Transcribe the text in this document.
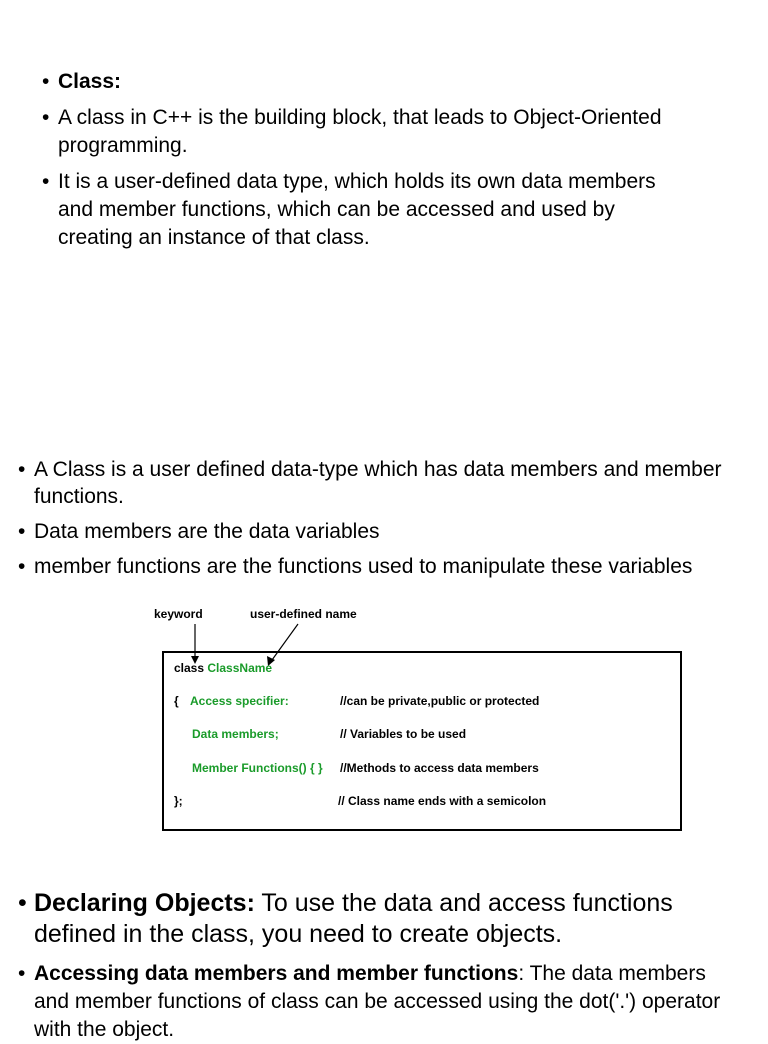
• Class:
• A class in C++ is the building block, that leads to Object-Oriented programming.
• It is a user-defined data type, which holds its own data members and member functions, which can be accessed and used by creating an instance of that class.
• A Class is a user defined data-type which has data members and member functions.
• Data members are the data variables
• member functions are the functions used to manipulate these variables
keyword	user-defined name
class ClassName
{ Access specifier:	//can be private,public or protected
Data members;	// Variables to be used
Member Functions() { } //Methods to access data members
};	// Class name ends with a semicolon
• Declaring Objects: To use the data and access functions defined in the class, you need to create objects.
• Accessing data members and member functions: The data members and member functions of class can be accessed using the dot('.') operator with the object.
